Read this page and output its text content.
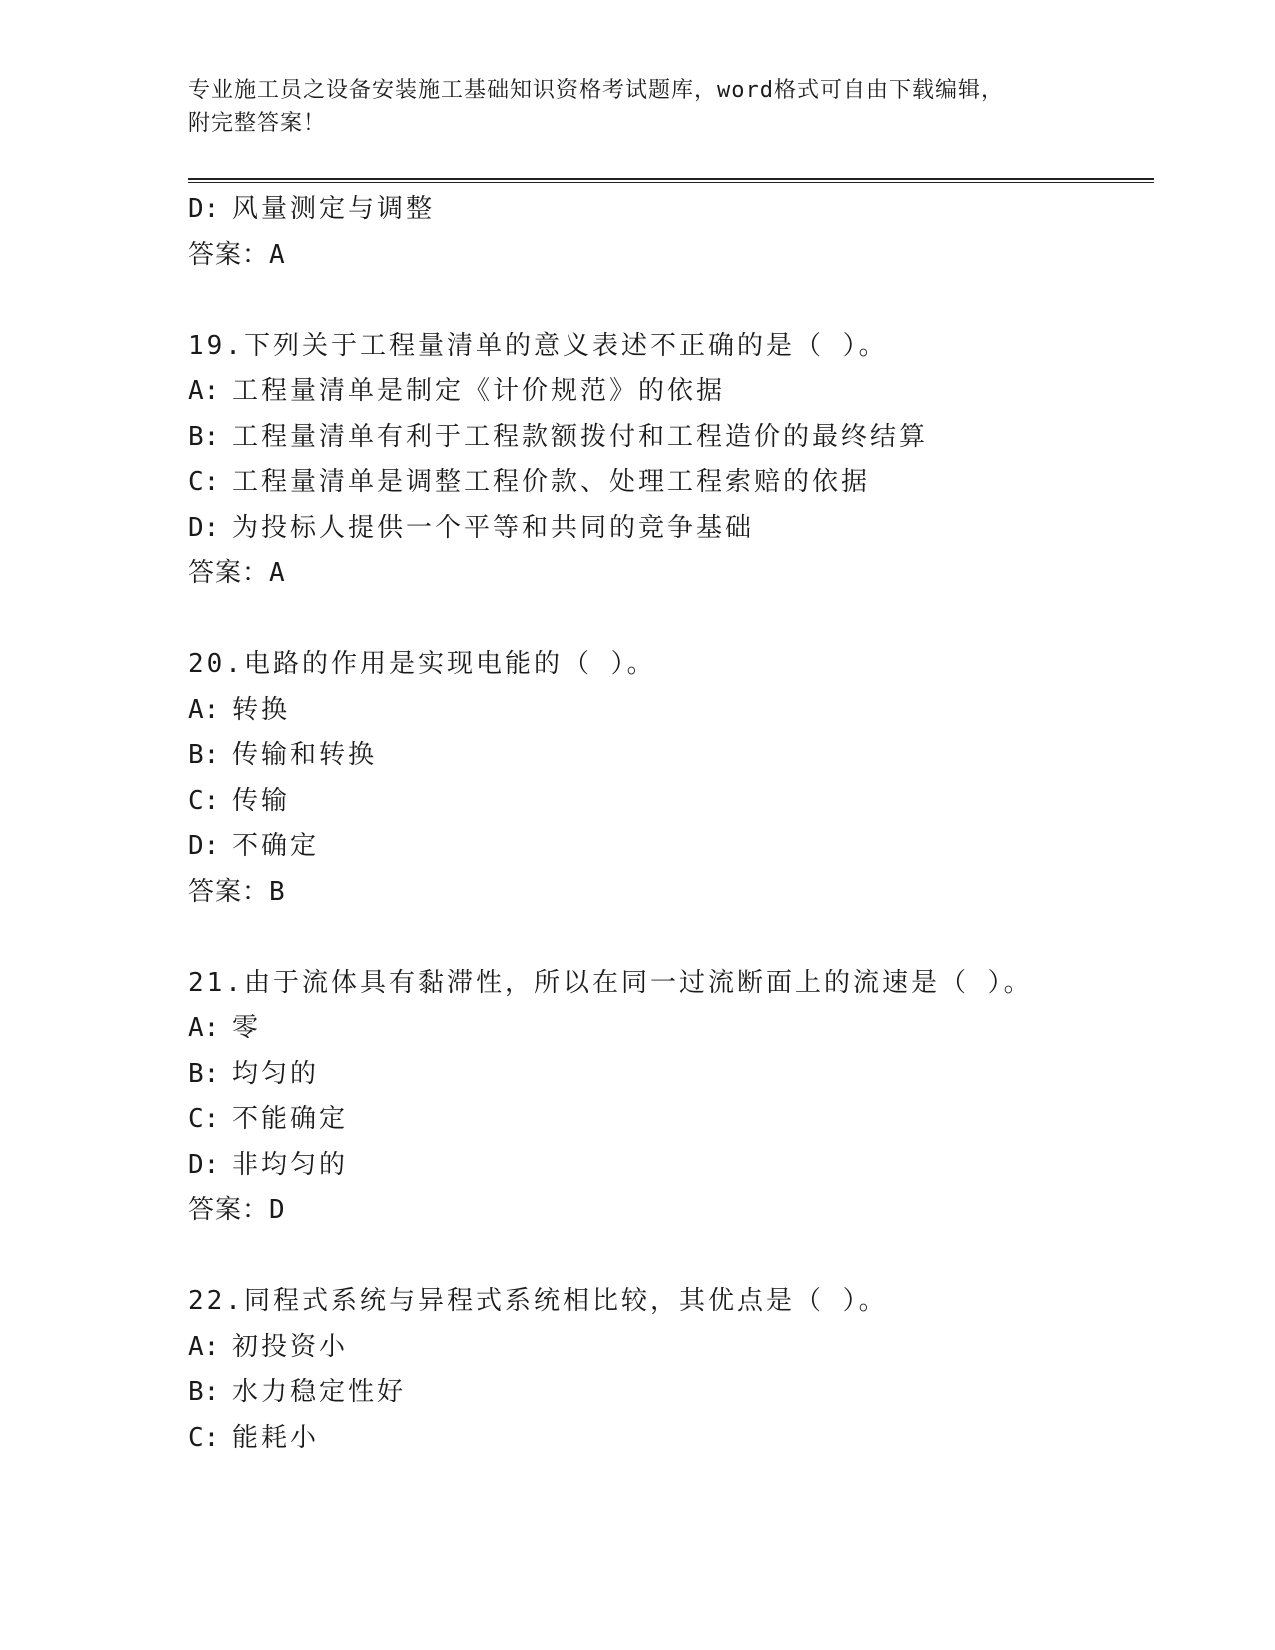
专业施工员之设备安装施工基础知识资格考试题库，word格式可自由下载编辑，
附完整答案！
D: 风量测定与调整
答案：A
19.下列关于工程量清单的意义表述不正确的是（ ）。
A: 工程量清单是制定《计价规范》的依据
B: 工程量清单有利于工程款额拨付和工程造价的最终结算
C: 工程量清单是调整工程价款、处理工程索赔的依据
D: 为投标人提供一个平等和共同的竞争基础
答案：A
20.电路的作用是实现电能的（ ）。
A: 转换
B: 传输和转换
C: 传输
D: 不确定
答案：B
21.由于流体具有黏滞性，所以在同一过流断面上的流速是（ ）。
A: 零
B: 均匀的
C: 不能确定
D: 非均匀的
答案：D
22.同程式系统与异程式系统相比较，其优点是（ ）。
A: 初投资小
B: 水力稳定性好
C: 能耗小
